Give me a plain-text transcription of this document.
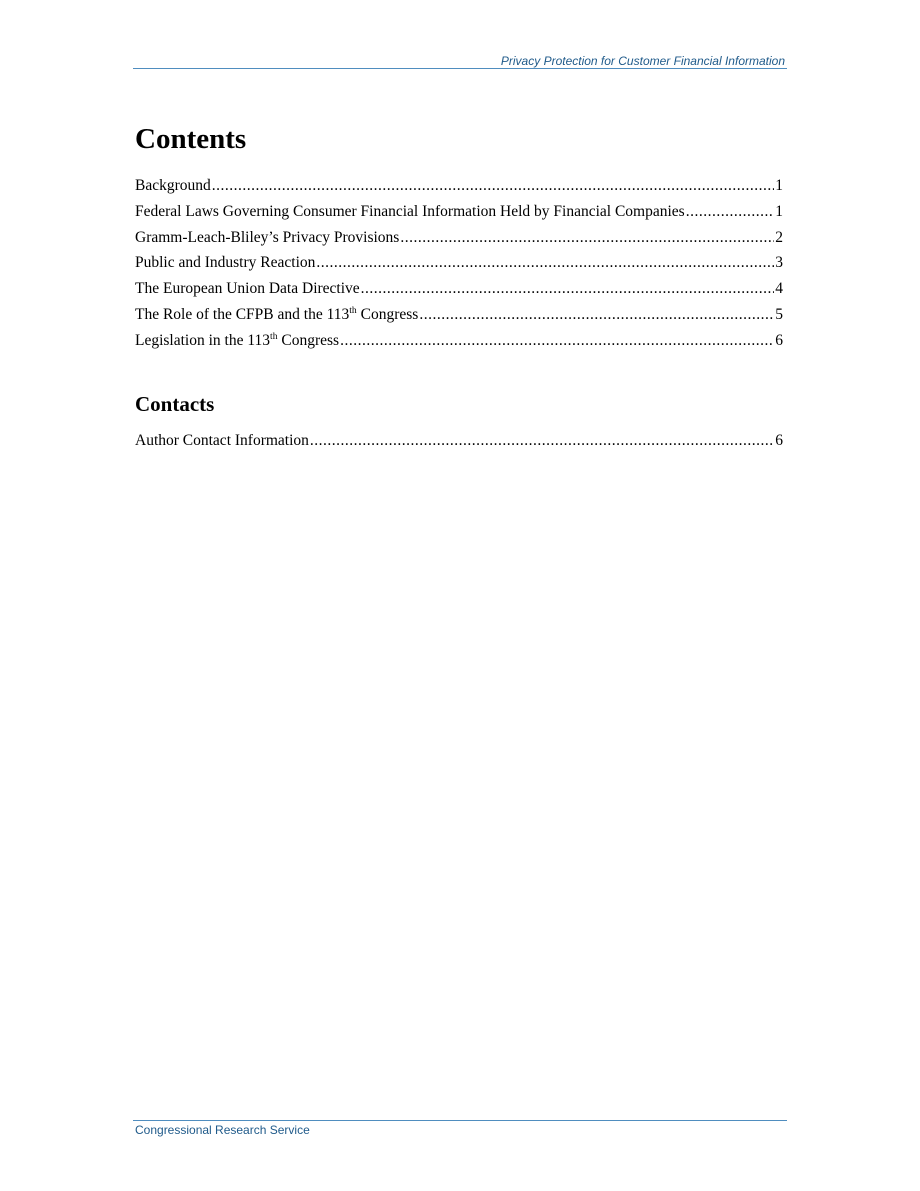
Privacy Protection for Customer Financial Information
Contents
Background .....	1
Federal Laws Governing Consumer Financial Information Held by Financial Companies .....	1
Gramm-Leach-Bliley’s Privacy Provisions .....	2
Public and Industry Reaction .....	3
The European Union Data Directive .....	4
The Role of the CFPB and the 113th Congress .....	5
Legislation in the 113th Congress .....	6
Contacts
Author Contact Information .....	6
Congressional Research Service
